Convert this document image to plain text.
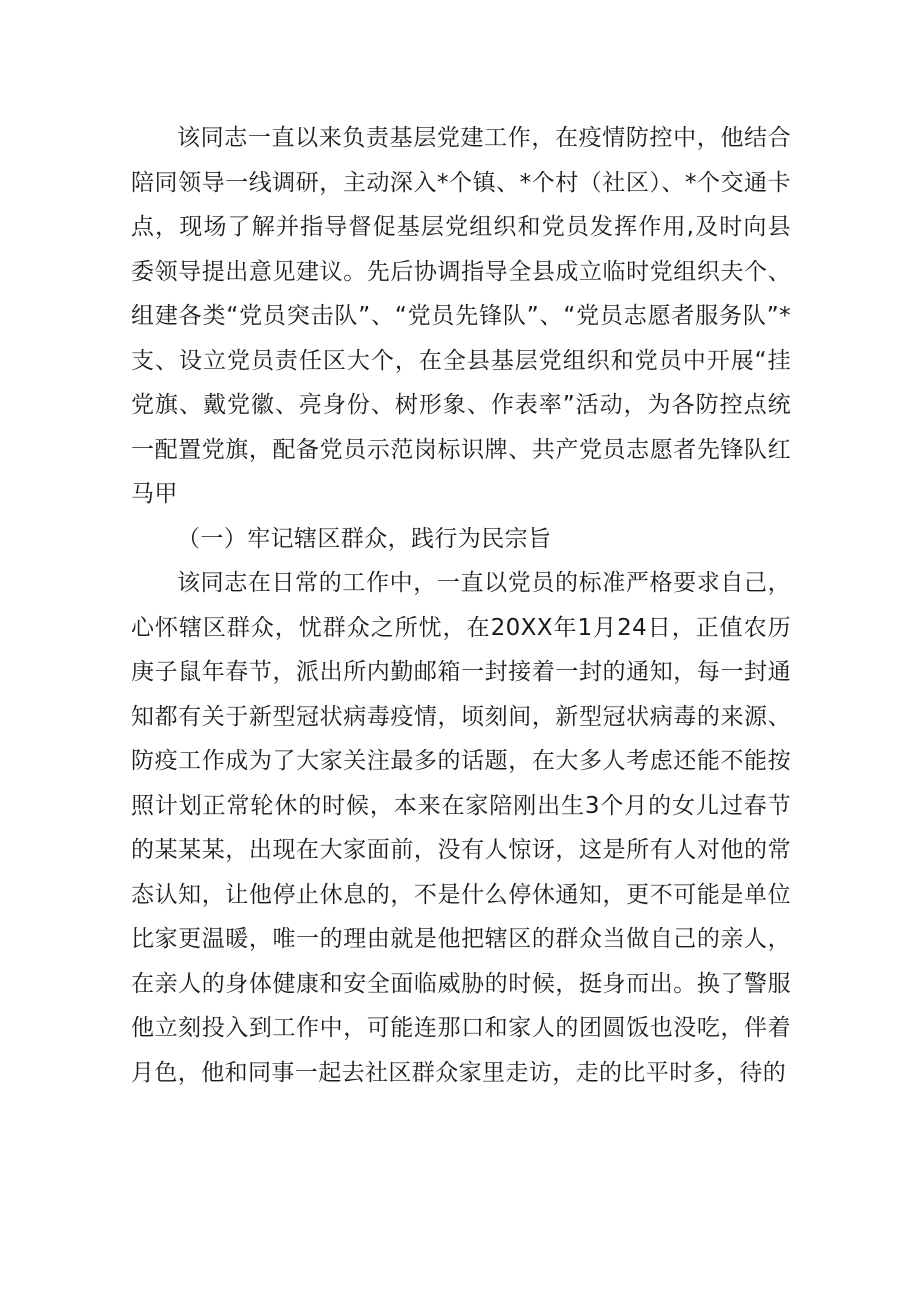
该同志一直以来负责基层党建工作，在疫情防控中，他结合陪同领导一线调研，主动深入*个镇、*个村（社区）、*个交通卡点，现场了解并指导督促基层党组织和党员发挥作用,及时向县委领导提出意见建议。先后协调指导全县成立临时党组织夫个、组建各类“党员突击队”、“党员先锋队”、“党员志愿者服务队”*支、设立党员责任区大个，在全县基层党组织和党员中开展“挂党旗、戴党徽、亮身份、树形象、作表率”活动，为各防控点统一配置党旗，配备党员示范岗标识牌、共产党员志愿者先锋队红马甲

（一）牢记辖区群众，践行为民宗旨

该同志在日常的工作中，一直以党员的标准严格要求自己，心怀辖区群众，忧群众之所忧，在20XX年1月24日，正值农历庚子鼠年春节，派出所内勤邮箱一封接着一封的通知，每一封通知都有关于新型冠状病毒疫情，顷刻间，新型冠状病毒的来源、防疫工作成为了大家关注最多的话题，在大多人考虑还能不能按照计划正常轮休的时候，本来在家陪刚出生3个月的女儿过春节的某某某，出现在大家面前，没有人惊讶，这是所有人对他的常态认知，让他停止休息的，不是什么停休通知，更不可能是单位比家更温暖，唯一的理由就是他把辖区的群众当做自己的亲人，在亲人的身体健康和安全面临威胁的时候，挺身而出。换了警服他立刻投入到工作中，可能连那口和家人的团圆饭也没吃，伴着月色，他和同事一起去社区群众家里走访，走的比平时多，待的
